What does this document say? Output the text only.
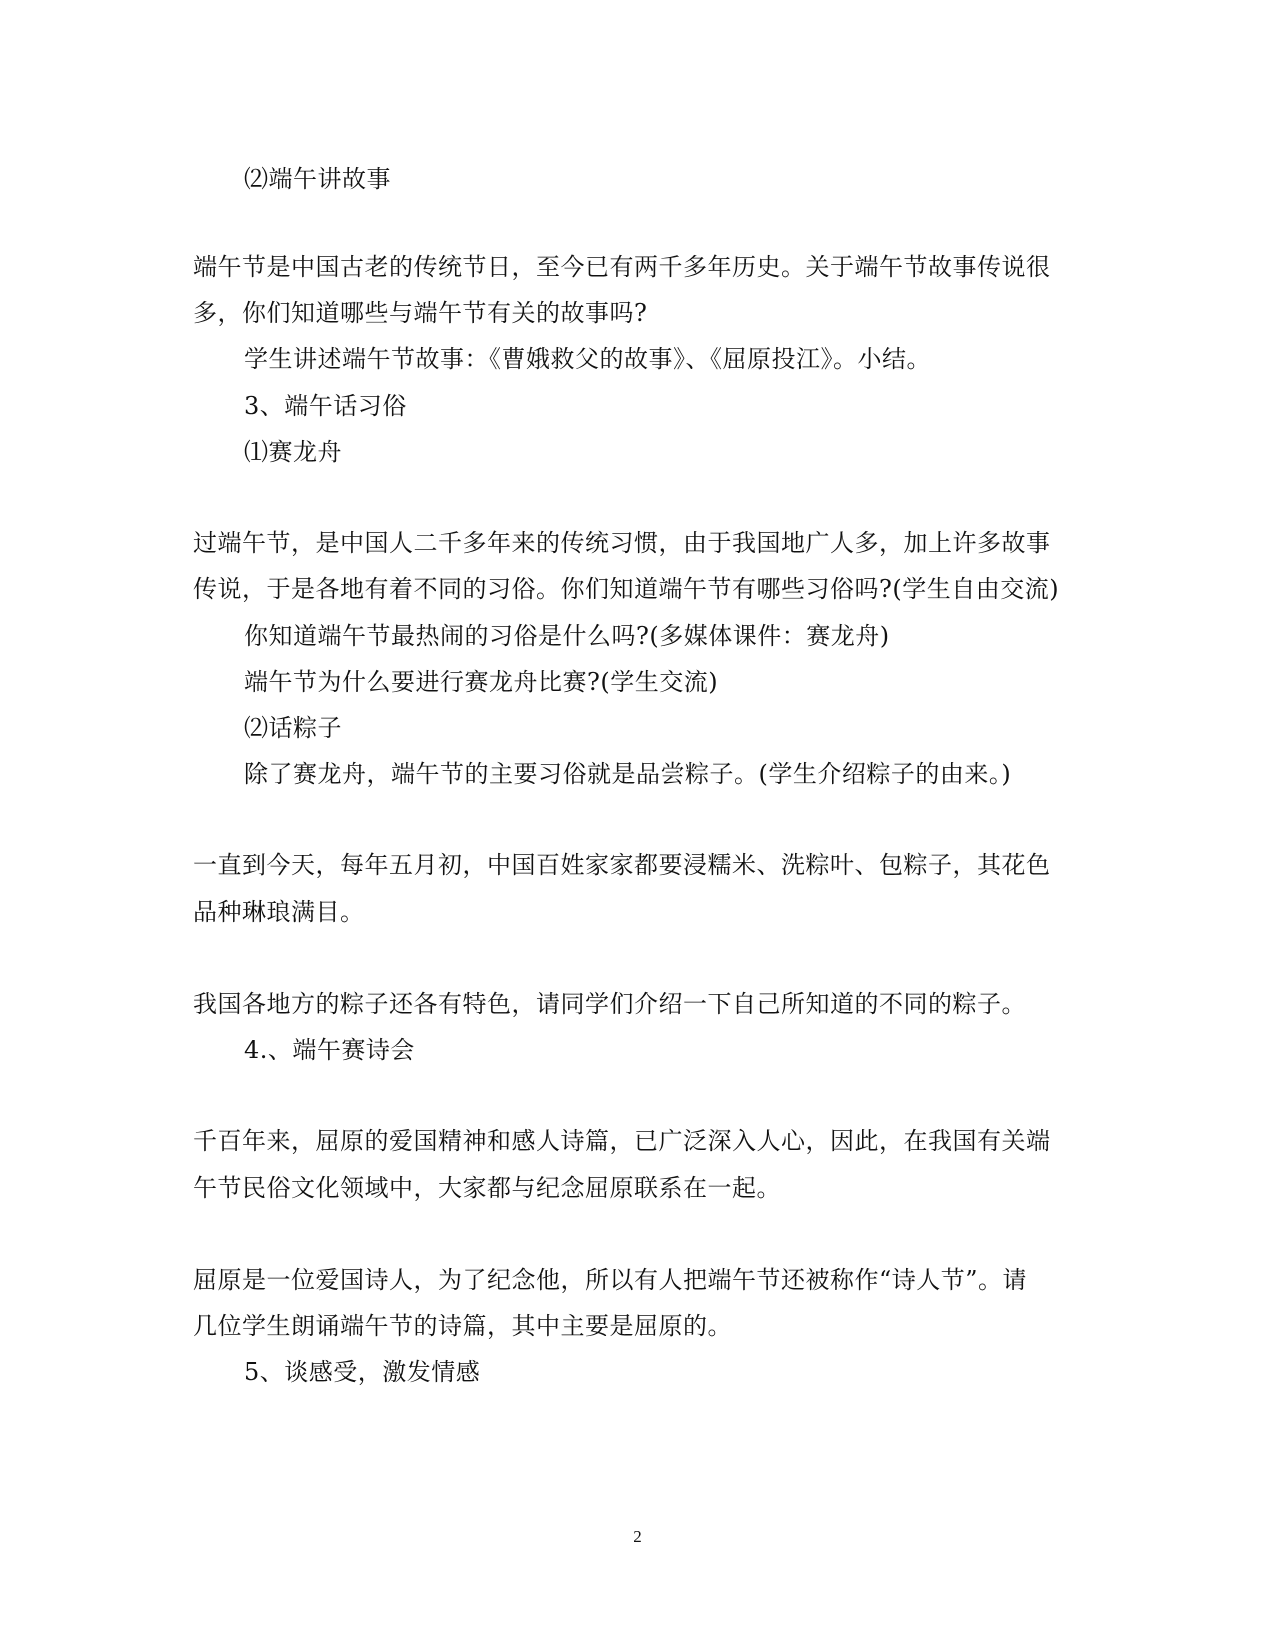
⑵端午讲故事
端午节是中国古老的传统节日，至今已有两千多年历史。关于端午节故事传说很
多，你们知道哪些与端午节有关的故事吗?
学生讲述端午节故事：《曹娥救父的故事》、《屈原投江》。小结。
3、端午话习俗
⑴赛龙舟
过端午节，是中国人二千多年来的传统习惯，由于我国地广人多，加上许多故事
传说，于是各地有着不同的习俗。你们知道端午节有哪些习俗吗?(学生自由交流)
你知道端午节最热闹的习俗是什么吗?(多媒体课件：赛龙舟)
端午节为什么要进行赛龙舟比赛?(学生交流)
⑵话粽子
除了赛龙舟，端午节的主要习俗就是品尝粽子。(学生介绍粽子的由来。)
一直到今天，每年五月初，中国百姓家家都要浸糯米、洗粽叶、包粽子，其花色
品种琳琅满目。
我国各地方的粽子还各有特色，请同学们介绍一下自己所知道的不同的粽子。
4.、端午赛诗会
千百年来，屈原的爱国精神和感人诗篇，已广泛深入人心，因此，在我国有关端
午节民俗文化领域中，大家都与纪念屈原联系在一起。
屈原是一位爱国诗人，为了纪念他，所以有人把端午节还被称作“诗人节”。请
几位学生朗诵端午节的诗篇，其中主要是屈原的。
5、谈感受，激发情感
2
